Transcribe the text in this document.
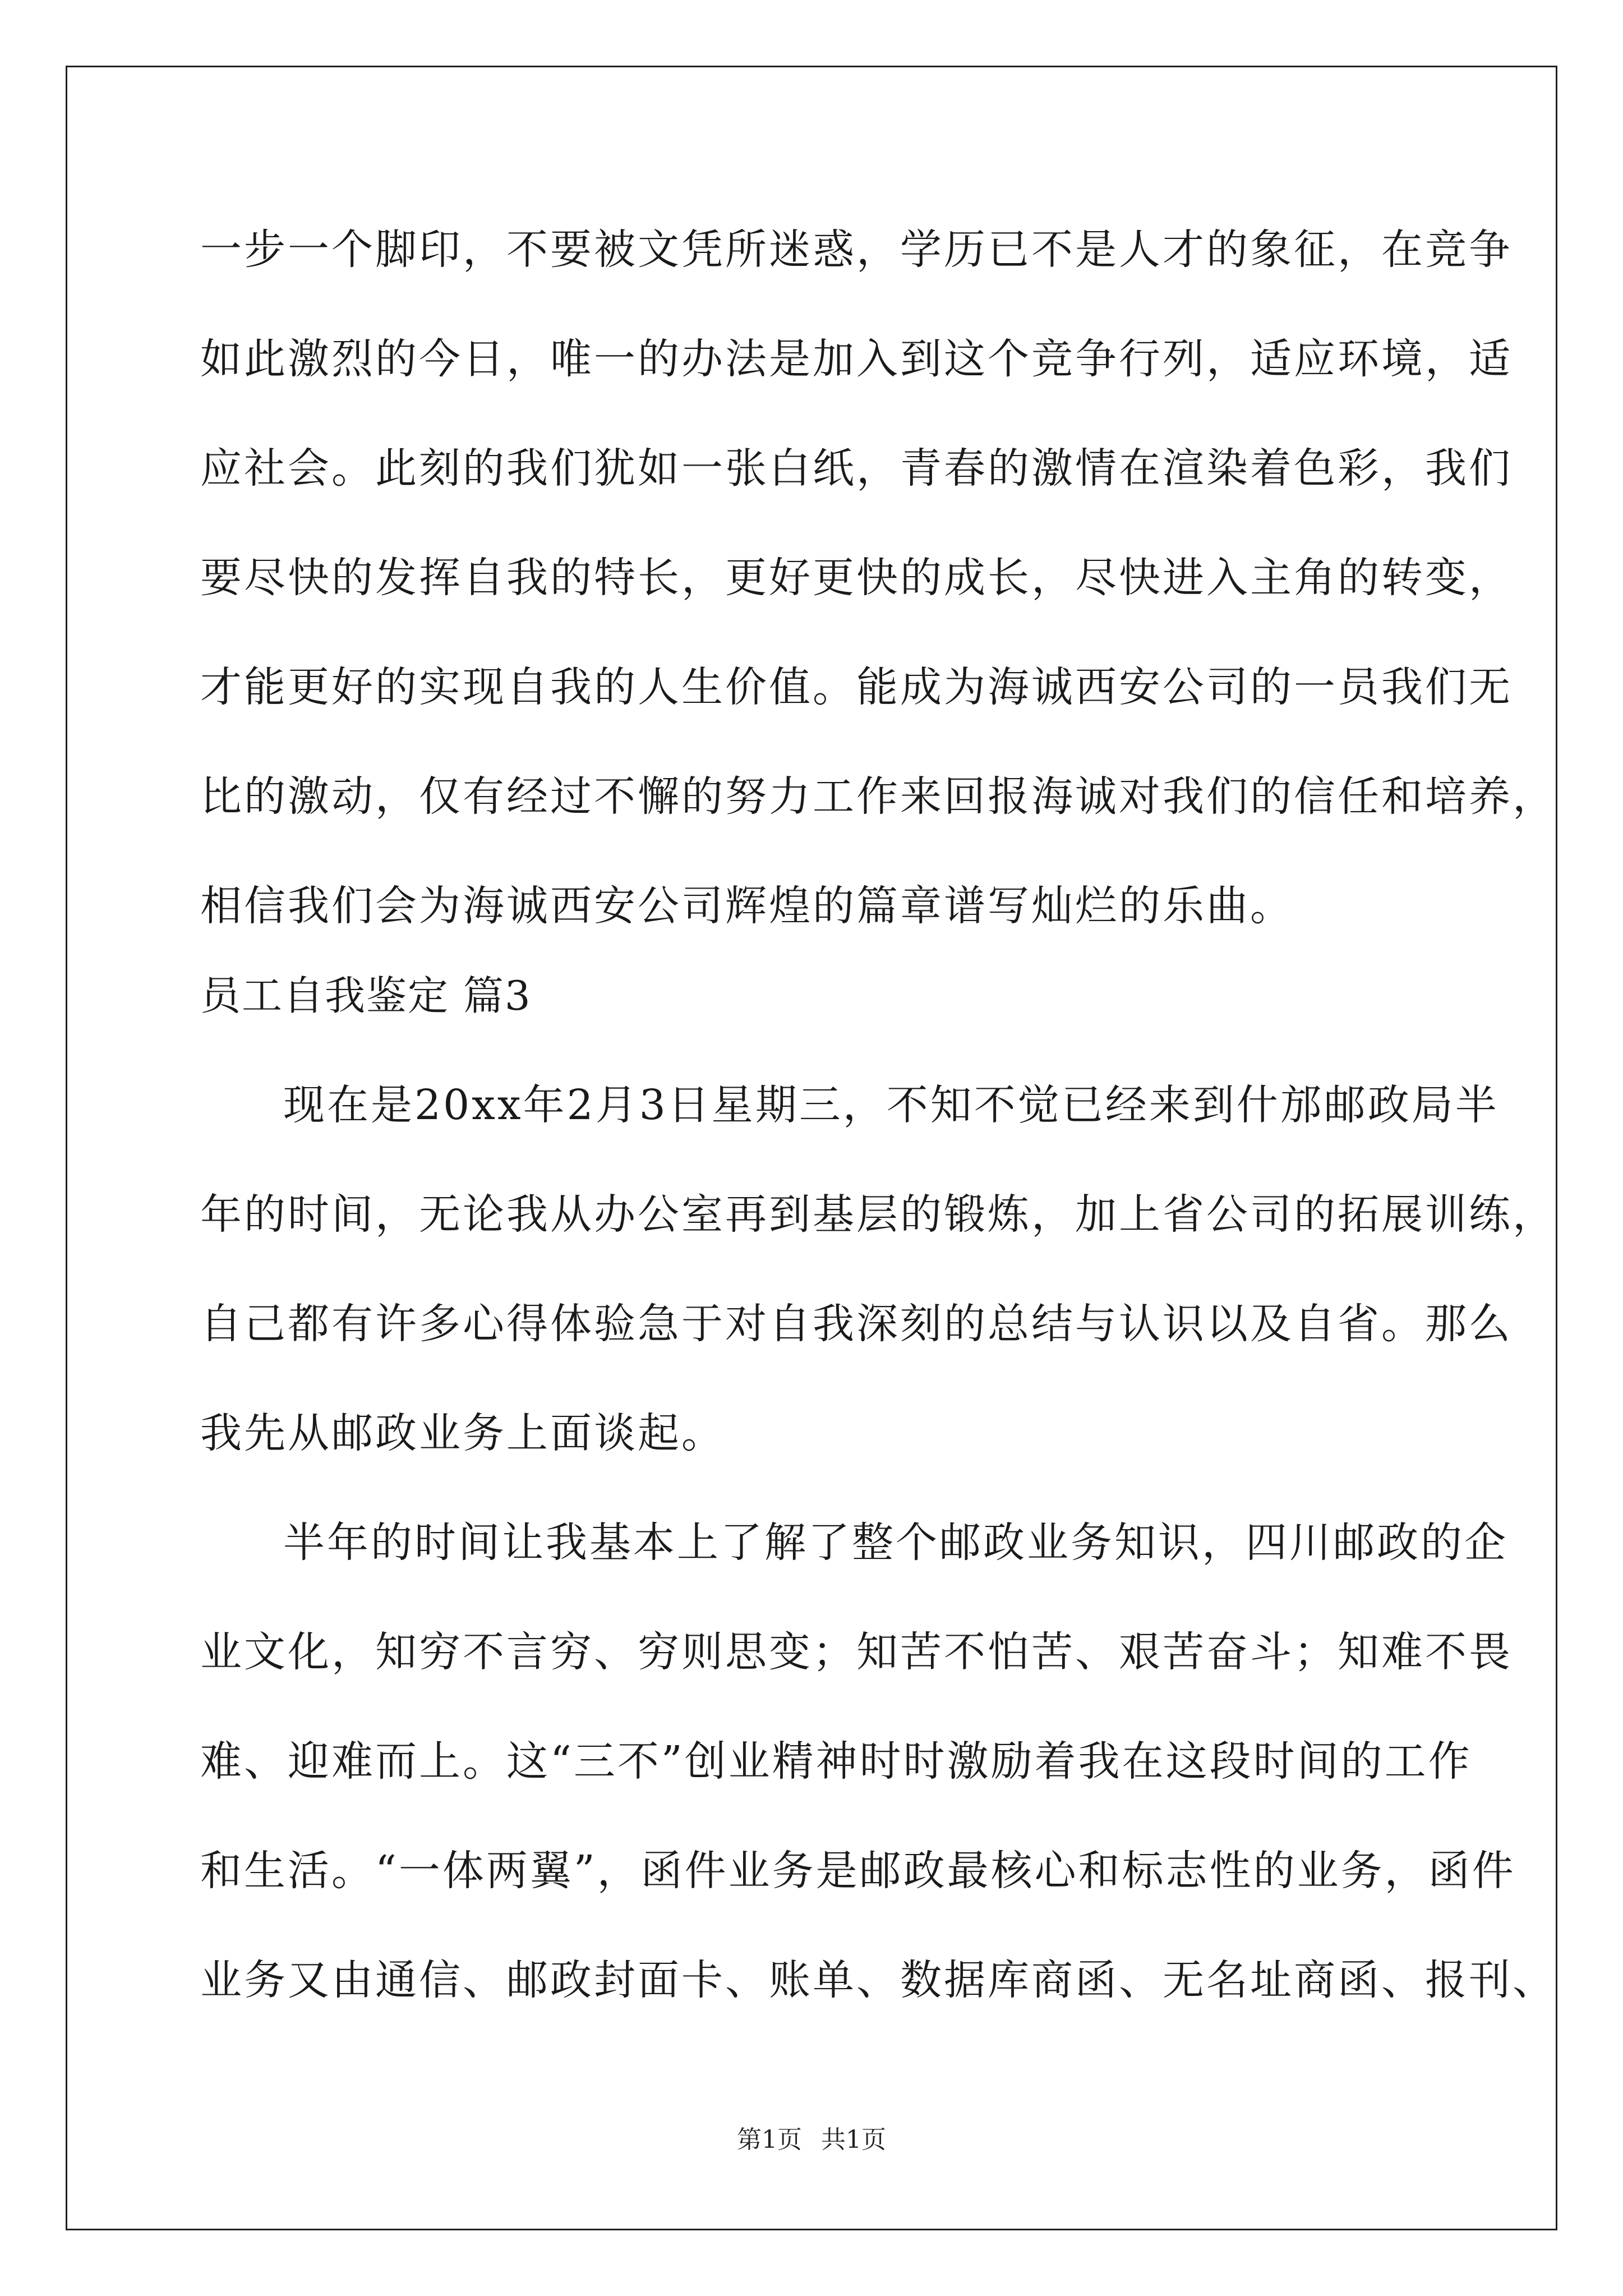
一步一个脚印，不要被文凭所迷惑，学历已不是人才的象征，在竞争
如此激烈的今日，唯一的办法是加入到这个竞争行列，适应环境，适
应社会。此刻的我们犹如一张白纸，青春的激情在渲染着色彩，我们
要尽快的发挥自我的特长，更好更快的成长，尽快进入主角的转变，
才能更好的实现自我的人生价值。能成为海诚西安公司的一员我们无
比的激动，仅有经过不懈的努力工作来回报海诚对我们的信任和培养，
相信我们会为海诚西安公司辉煌的篇章谱写灿烂的乐曲。
员工自我鉴定 篇3
现在是20xx年2月3日星期三，不知不觉已经来到什邡邮政局半
年的时间，无论我从办公室再到基层的锻炼，加上省公司的拓展训练，
自己都有许多心得体验急于对自我深刻的总结与认识以及自省。那么
我先从邮政业务上面谈起。
半年的时间让我基本上了解了整个邮政业务知识，四川邮政的企
业文化，知穷不言穷、穷则思变；知苦不怕苦、艰苦奋斗；知难不畏
难、迎难而上。这“三不”创业精神时时激励着我在这段时间的工作
和生活。“一体两翼”，函件业务是邮政最核心和标志性的业务，函件
业务又由通信、邮政封面卡、账单、数据库商函、无名址商函、报刊、
第1页 共1页
